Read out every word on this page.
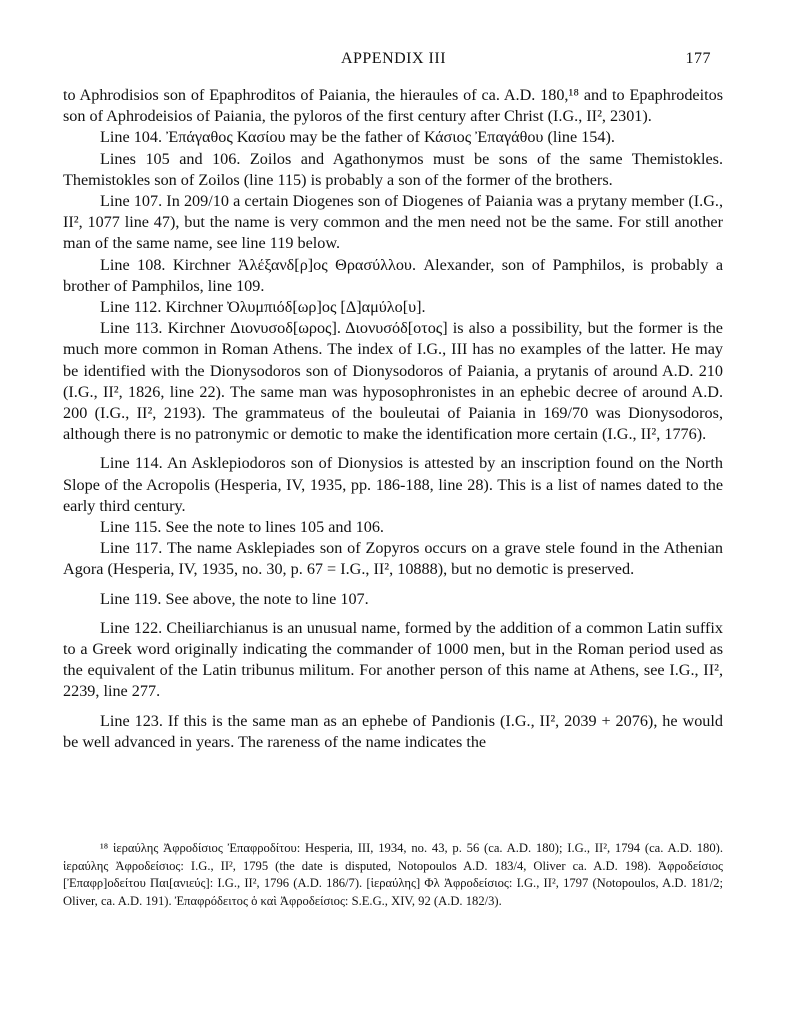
APPENDIX III	177

to Aphrodisios son of Epaphroditos of Paiania, the hieraules of ca. A.D. 180,¹⁸ and to Epaphrodeitos son of Aphrodeisios of Paiania, the pyloros of the first century after Christ (I.G., II², 2301).

Line 104. Ἐπάγαθος Κασίου may be the father of Κάσιος Ἐπαγάθου (line 154).

Lines 105 and 106. Zoilos and Agathonymos must be sons of the same Themistokles. Themistokles son of Zoilos (line 115) is probably a son of the former of the brothers.

Line 107. In 209/10 a certain Diogenes son of Diogenes of Paiania was a prytany member (I.G., II², 1077 line 47), but the name is very common and the men need not be the same. For still another man of the same name, see line 119 below.

Line 108. Kirchner Ἀλέξανδ[ρ]ος Θρασύλλου. Alexander, son of Pamphilos, is probably a brother of Pamphilos, line 109.

Line 112. Kirchner Ὀλυμπιόδ[ωρ]ος [Δ]αμύλο[υ].

Line 113. Kirchner Διονυσοδ[ωρος]. Διονυσόδ[οτος] is also a possibility, but the former is the much more common in Roman Athens. The index of I.G., III has no examples of the latter. He may be identified with the Dionysodoros son of Dionysodoros of Paiania, a prytanis of around A.D. 210 (I.G., II², 1826, line 22). The same man was hyposophronistes in an ephebic decree of around A.D. 200 (I.G., II², 2193). The grammateus of the bouleutai of Paiania in 169/70 was Dionysodoros, although there is no patronymic or demotic to make the identification more certain (I.G., II², 1776).

Line 114. An Asklepiodoros son of Dionysios is attested by an inscription found on the North Slope of the Acropolis (Hesperia, IV, 1935, pp. 186-188, line 28). This is a list of names dated to the early third century.

Line 115. See the note to lines 105 and 106.

Line 117. The name Asklepiades son of Zopyros occurs on a grave stele found in the Athenian Agora (Hesperia, IV, 1935, no. 30, p. 67 = I.G., II², 10888), but no demotic is preserved.

Line 119. See above, the note to line 107.

Line 122. Cheiliarchianus is an unusual name, formed by the addition of a common Latin suffix to a Greek word originally indicating the commander of 1000 men, but in the Roman period used as the equivalent of the Latin tribunus militum. For another person of this name at Athens, see I.G., II², 2239, line 277.

Line 123. If this is the same man as an ephebe of Pandionis (I.G., II², 2039 + 2076), he would be well advanced in years. The rareness of the name indicates the

¹⁸ ἱεραύλης Ἀφροδίσιος Ἐπαφροδίτου: Hesperia, III, 1934, no. 43, p. 56 (ca. A.D. 180); I.G., II², 1794 (ca. A.D. 180). ἱεραύλης Ἀφροδείσιος: I.G., II², 1795 (the date is disputed, Notopoulos A.D. 183/4, Oliver ca. A.D. 198). Ἀφροδείσιος [Ἐπαφρ]οδείτου Παι[ανιεύς]: I.G., II², 1796 (A.D. 186/7). [ἱεραύλης] Φλ Ἀφροδείσιος: I.G., II², 1797 (Notopoulos, A.D. 181/2; Oliver, ca. A.D. 191). Ἐπαφρόδειτος ὁ καὶ Ἀφροδείσιος: S.E.G., XIV, 92 (A.D. 182/3).
